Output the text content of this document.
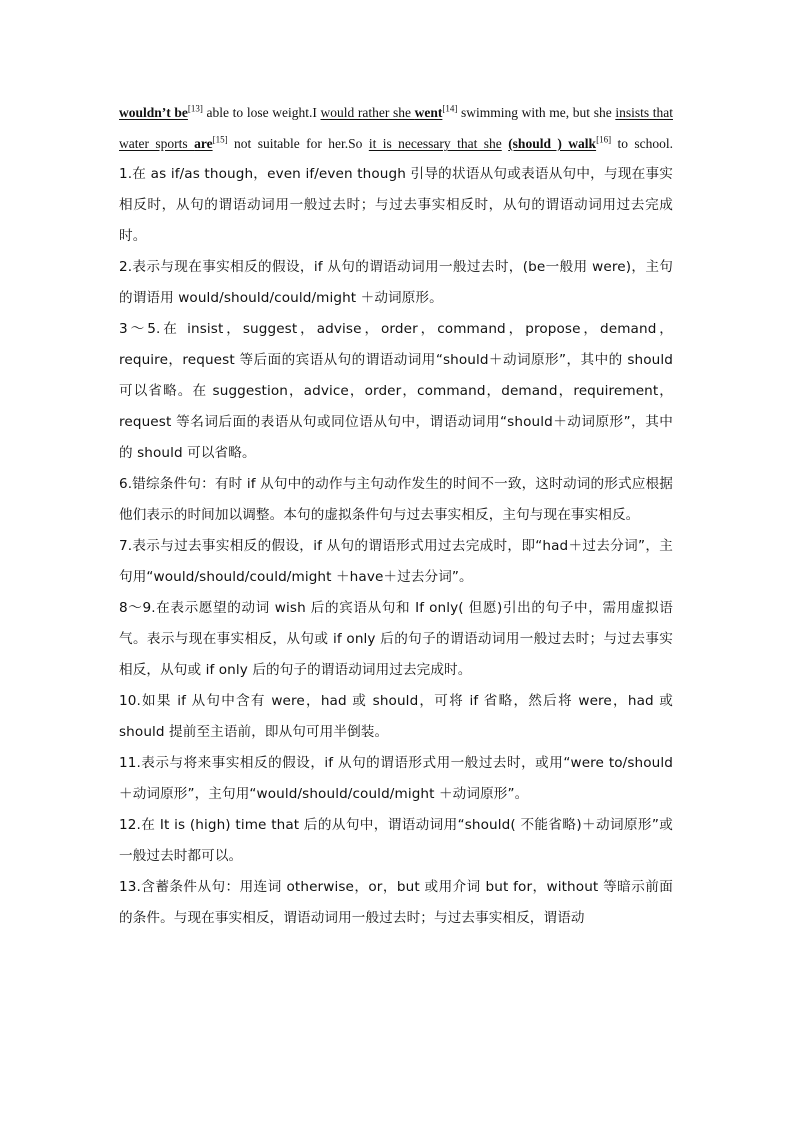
wouldn’t be[13] able to lose weight.I would rather she went[14] swimming with me, but she insists that water sports are[15] not suitable for her.So it is necessary that she (should ) walk[16] to school.

1.在 as if/as though，even if/even though 引导的状语从句或表语从句中，与现在事实相反时，从句的谓语动词用一般过去时；与过去事实相反时，从句的谓语动词用过去完成时。

2.表示与现在事实相反的假设，if 从句的谓语动词用一般过去时，(be一般用 were)，主句的谓语用 would/should/could/might ＋动词原形。

3～5.在 insist，suggest，advise，order，command，propose，demand，require，request 等后面的宾语从句的谓语动词用“should＋动词原形”，其中的 should 可以省略。在 suggestion，advice，order，command，demand，requirement，request 等名词后面的表语从句或同位语从句中，谓语动词用“should＋动词原形”，其中的 should 可以省略。

6.错综条件句：有时 if 从句中的动作与主句动作发生的时间不一致，这时动词的形式应根据他们表示的时间加以调整。本句的虚拟条件句与过去事实相反，主句与现在事实相反。

7.表示与过去事实相反的假设，if 从句的谓语形式用过去完成时，即“had＋过去分词”，主句用“would/should/could/might ＋have＋过去分词”。

8～9.在表示愿望的动词 wish 后的宾语从句和 If only( 但愿)引出的句子中，需用虚拟语气。表示与现在事实相反，从句或 if only 后的句子的谓语动词用一般过去时；与过去事实相反，从句或 if only 后的句子的谓语动词用过去完成时。

10.如果 if 从句中含有 were，had 或 should，可将 if 省略，然后将 were，had 或 should 提前至主语前，即从句可用半倒装。

11.表示与将来事实相反的假设，if 从句的谓语形式用一般过去时，或用“were to/should ＋动词原形”，主句用“would/should/could/might ＋动词原形”。

12.在 It is (high) time that 后的从句中，谓语动词用“should( 不能省略)＋动词原形”或一般过去时都可以。

13.含蓄条件从句：用连词 otherwise，or，but 或用介词 but for，without 等暗示前面的条件。与现在事实相反，谓语动词用一般过去时；与过去事实相反，谓语动
